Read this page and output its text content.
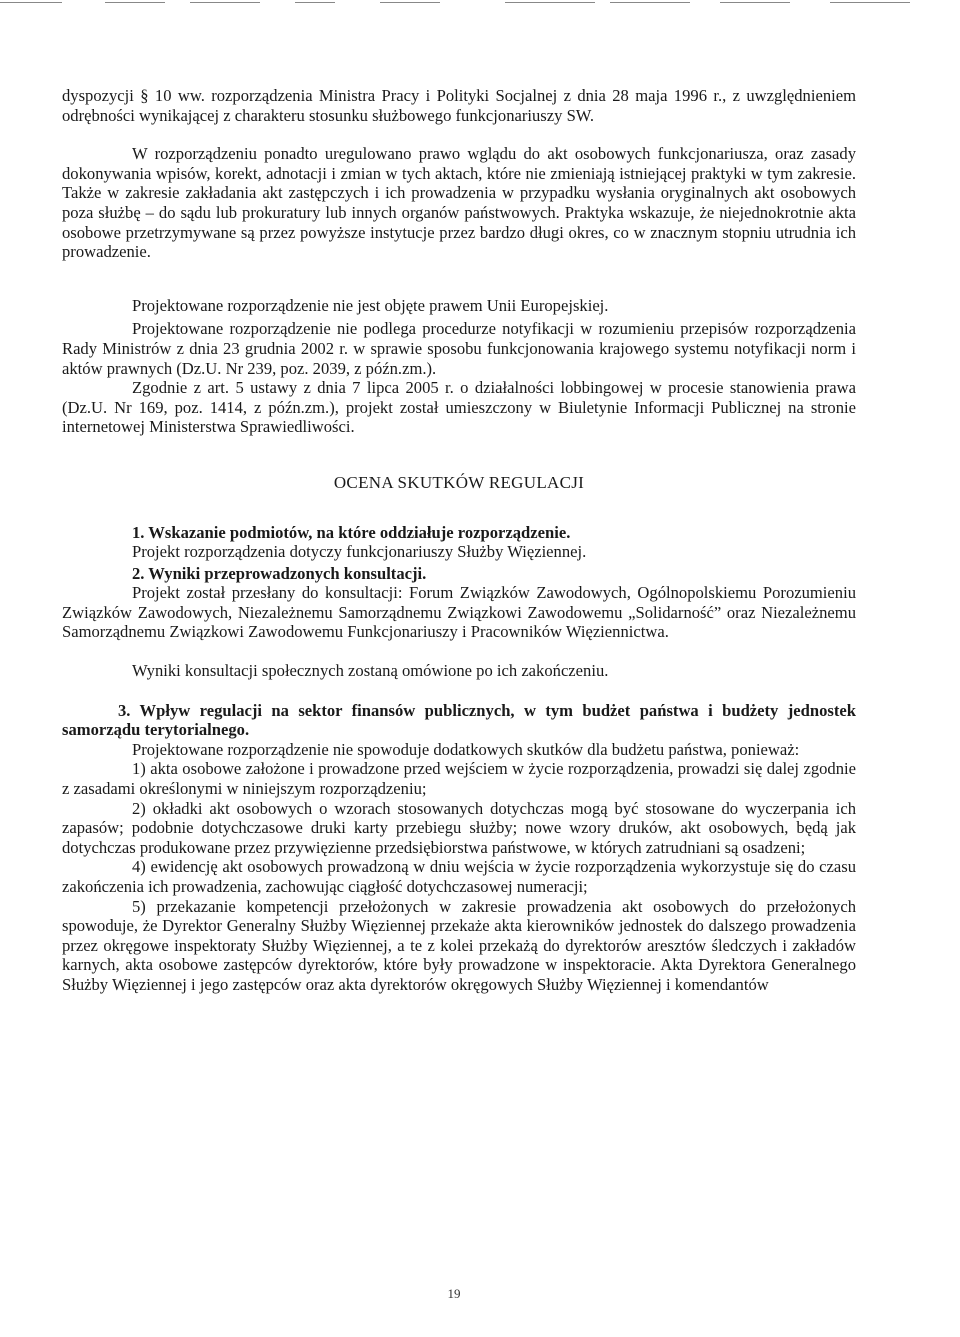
dyspozycji § 10 ww. rozporządzenia Ministra Pracy i Polityki Socjalnej z dnia 28 maja 1996 r., z uwzględnieniem odrębności wynikającej z charakteru stosunku służbowego funkcjonariuszy SW.

W rozporządzeniu ponadto uregulowano prawo wglądu do akt osobowych funkcjonariusza, oraz zasady dokonywania wpisów, korekt, adnotacji i zmian w tych aktach, które nie zmieniają istniejącej praktyki w tym zakresie. Także w zakresie zakładania akt zastępczych i ich prowadzenia w przypadku wysłania oryginalnych akt osobowych poza służbę – do sądu lub prokuratury lub innych organów państwowych. Praktyka wskazuje, że niejednokrotnie akta osobowe przetrzymywane są przez powyższe instytucje przez bardzo długi okres, co w znacznym stopniu utrudnia ich prowadzenie.

Projektowane rozporządzenie nie jest objęte prawem Unii Europejskiej.

Projektowane rozporządzenie nie podlega procedurze notyfikacji w rozumieniu przepisów rozporządzenia Rady Ministrów z dnia 23 grudnia 2002 r. w sprawie sposobu funkcjonowania krajowego systemu notyfikacji norm i aktów prawnych (Dz.U. Nr 239, poz. 2039, z późn.zm.).

Zgodnie z art. 5 ustawy z dnia 7 lipca 2005 r. o działalności lobbingowej w procesie stanowienia prawa (Dz.U. Nr 169, poz. 1414, z późn.zm.), projekt został umieszczony w Biuletynie Informacji Publicznej na stronie internetowej Ministerstwa Sprawiedliwości.

OCENA SKUTKÓW REGULACJI

1. Wskazanie podmiotów, na które oddziałuje rozporządzenie.

Projekt rozporządzenia dotyczy funkcjonariuszy Służby Więziennej.

2. Wyniki przeprowadzonych konsultacji.

Projekt został przesłany do konsultacji: Forum Związków Zawodowych, Ogólnopolskiemu Porozumieniu Związków Zawodowych, Niezależnemu Samorządnemu Związkowi Zawodowemu „Solidarność” oraz Niezależnemu Samorządnemu Związkowi Zawodowemu Funkcjonariuszy i Pracowników Więziennictwa.

Wyniki konsultacji społecznych zostaną omówione po ich zakończeniu.

3. Wpływ regulacji na sektor finansów publicznych, w tym budżet państwa i budżety jednostek samorządu terytorialnego.

Projektowane rozporządzenie nie spowoduje dodatkowych skutków dla budżetu państwa, ponieważ:

1) akta osobowe założone i prowadzone przed wejściem w życie rozporządzenia, prowadzi się dalej zgodnie z zasadami określonymi w niniejszym rozporządzeniu;

2) okładki akt osobowych o wzorach stosowanych dotychczas mogą być stosowane do wyczerpania ich zapasów; podobnie dotychczasowe druki karty przebiegu służby; nowe wzory druków, akt osobowych, będą jak dotychczas produkowane przez przywięzienne przedsiębiorstwa państwowe, w których zatrudniani są osadzeni;

4) ewidencję akt osobowych prowadzoną w dniu wejścia w życie rozporządzenia wykorzystuje się do czasu zakończenia ich prowadzenia, zachowując ciągłość dotychczasowej numeracji;

5) przekazanie kompetencji przełożonych w zakresie prowadzenia akt osobowych do przełożonych spowoduje, że Dyrektor Generalny Służby Więziennej przekaże akta kierowników jednostek do dalszego prowadzenia przez okręgowe inspektoraty Służby Więziennej, a te z kolei przekażą do dyrektorów aresztów śledczych i zakładów karnych, akta osobowe zastępców dyrektorów, które były prowadzone w inspektoracie. Akta Dyrektora Generalnego Służby Więziennej i jego zastępców oraz akta dyrektorów okręgowych Służby Więziennej i komendantów

19
